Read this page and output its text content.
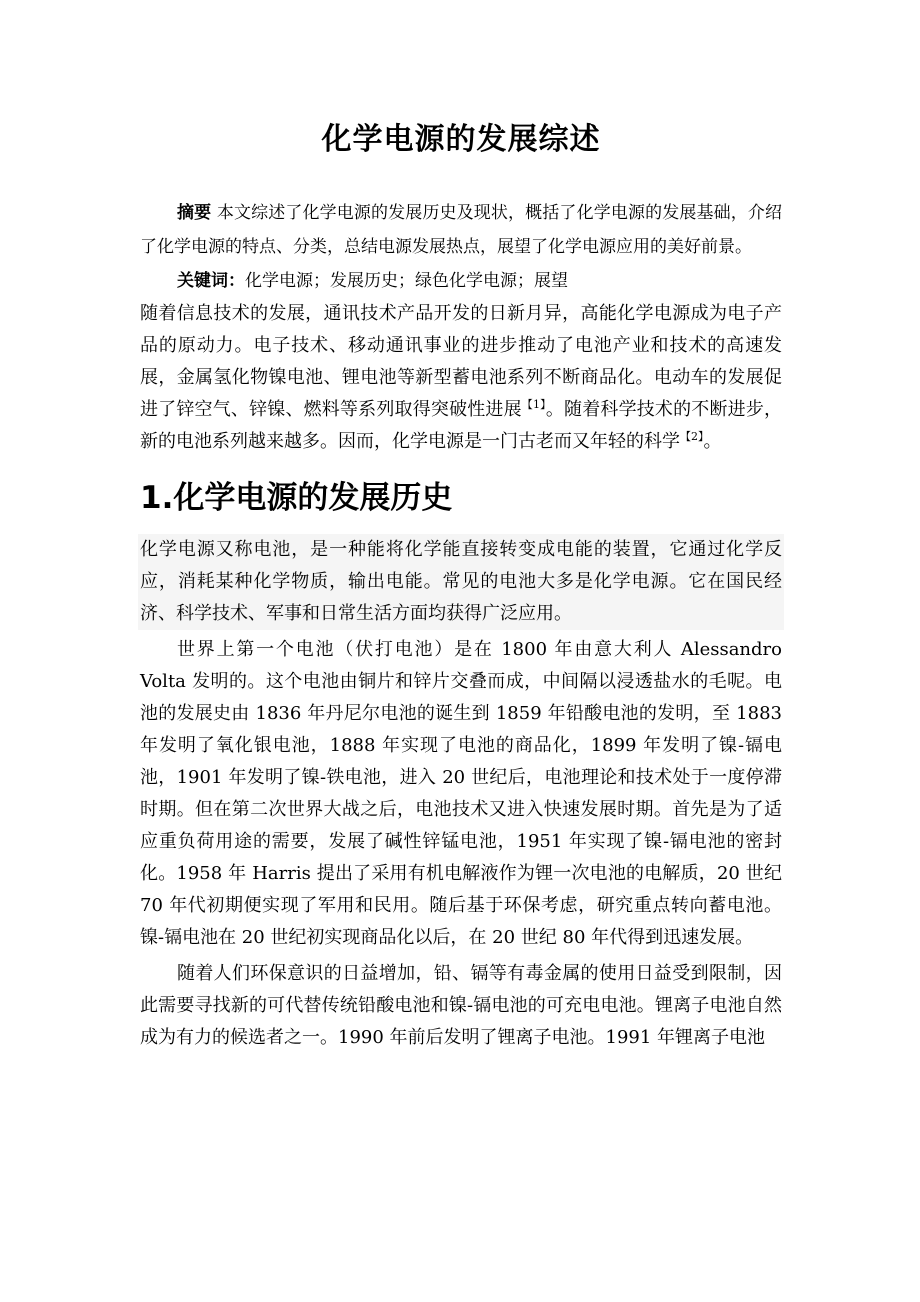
化学电源的发展综述

摘要 本文综述了化学电源的发展历史及现状，概括了化学电源的发展基础，介绍了化学电源的特点、分类，总结电源发展热点，展望了化学电源应用的美好前景。

关键词：化学电源；发展历史；绿色化学电源；展望

随着信息技术的发展，通讯技术产品开发的日新月异，高能化学电源成为电子产品的原动力。电子技术、移动通讯事业的进步推动了电池产业和技术的高速发展，金属氢化物镍电池、锂电池等新型蓄电池系列不断商品化。电动车的发展促进了锌空气、锌镍、燃料等系列取得突破性进展$^{【1】}$。随着科学技术的不断进步，新的电池系列越来越多。因而，化学电源是一门古老而又年轻的科学$^{【2】}$。

1.化学电源的发展历史

化学电源又称电池，是一种能将化学能直接转变成电能的装置，它通过化学反应，消耗某种化学物质，输出电能。常见的电池大多是化学电源。它在国民经济、科学技术、军事和日常生活方面均获得广泛应用。

世界上第一个电池（伏打电池）是在 1800 年由意大利人 Alessandro Volta 发明的。这个电池由铜片和锌片交叠而成，中间隔以浸透盐水的毛呢。电池的发展史由 1836 年丹尼尔电池的诞生到 1859 年铅酸电池的发明，至 1883 年发明了氧化银电池，1888 年实现了电池的商品化，1899 年发明了镍-镉电池，1901 年发明了镍-铁电池，进入 20 世纪后，电池理论和技术处于一度停滞时期。但在第二次世界大战之后，电池技术又进入快速发展时期。首先是为了适应重负荷用途的需要，发展了碱性锌锰电池，1951 年实现了镍-镉电池的密封化。1958 年 Harris 提出了采用有机电解液作为锂一次电池的电解质，20 世纪 70 年代初期便实现了军用和民用。随后基于环保考虑，研究重点转向蓄电池。镍-镉电池在 20 世纪初实现商品化以后，在 20 世纪 80 年代得到迅速发展。

随着人们环保意识的日益增加，铅、镉等有毒金属的使用日益受到限制，因此需要寻找新的可代替传统铅酸电池和镍-镉电池的可充电电池。锂离子电池自然成为有力的候选者之一。1990 年前后发明了锂离子电池。1991 年锂离子电池
